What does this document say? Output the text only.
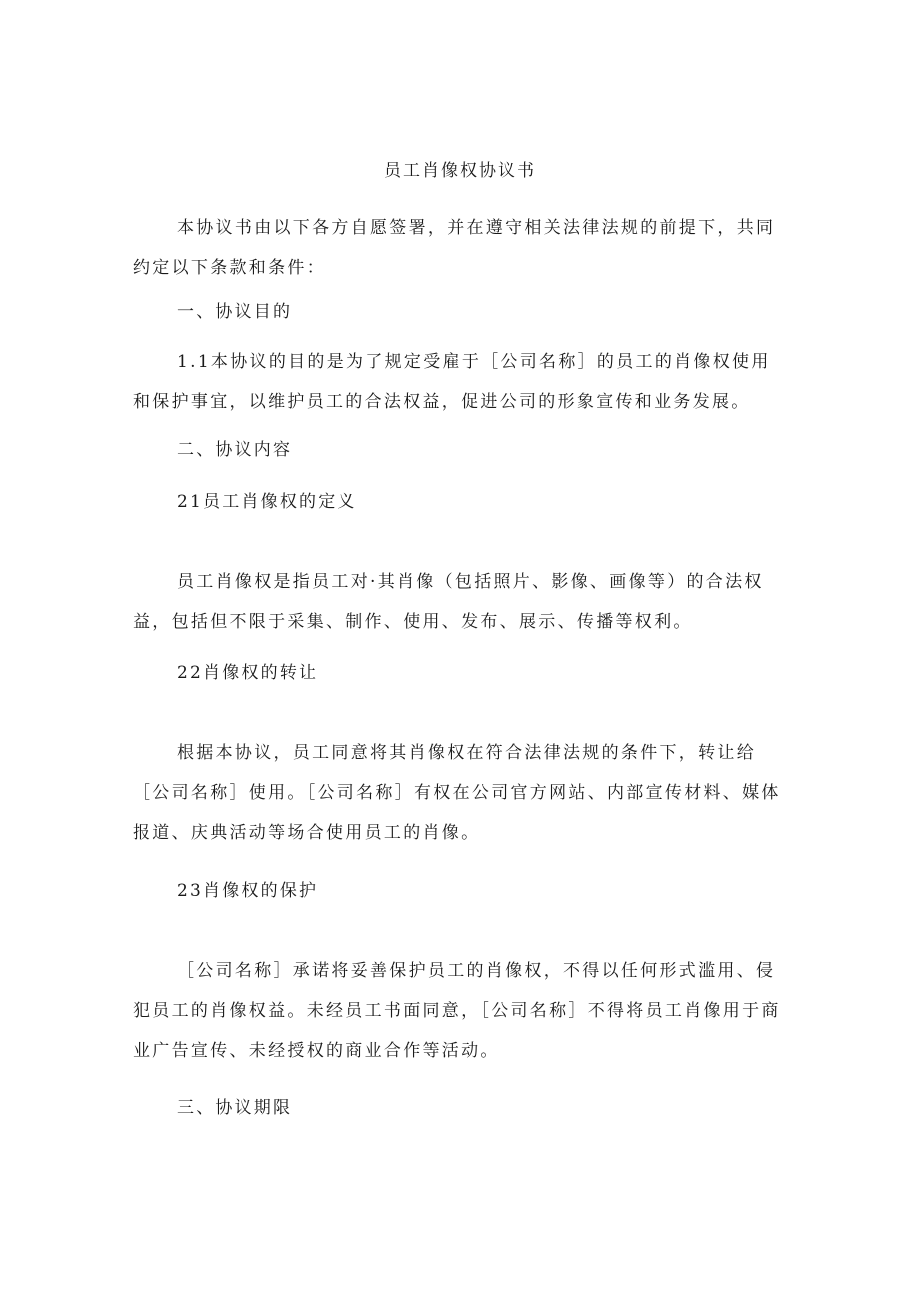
员工肖像权协议书
本协议书由以下各方自愿签署，并在遵守相关法律法规的前提下，共同约定以下条款和条件：
一、协议目的
1.1本协议的目的是为了规定受雇于［公司名称］的员工的肖像权使用和保护事宜，以维护员工的合法权益，促进公司的形象宣传和业务发展。
二、协议内容
21员工肖像权的定义
员工肖像权是指员工对·其肖像（包括照片、影像、画像等）的合法权益，包括但不限于采集、制作、使用、发布、展示、传播等权利。
22肖像权的转让
根据本协议，员工同意将其肖像权在符合法律法规的条件下，转让给［公司名称］使用。［公司名称］有权在公司官方网站、内部宣传材料、媒体报道、庆典活动等场合使用员工的肖像。
23肖像权的保护
［公司名称］承诺将妥善保护员工的肖像权，不得以任何形式滥用、侵犯员工的肖像权益。未经员工书面同意，［公司名称］不得将员工肖像用于商业广告宣传、未经授权的商业合作等活动。
三、协议期限
